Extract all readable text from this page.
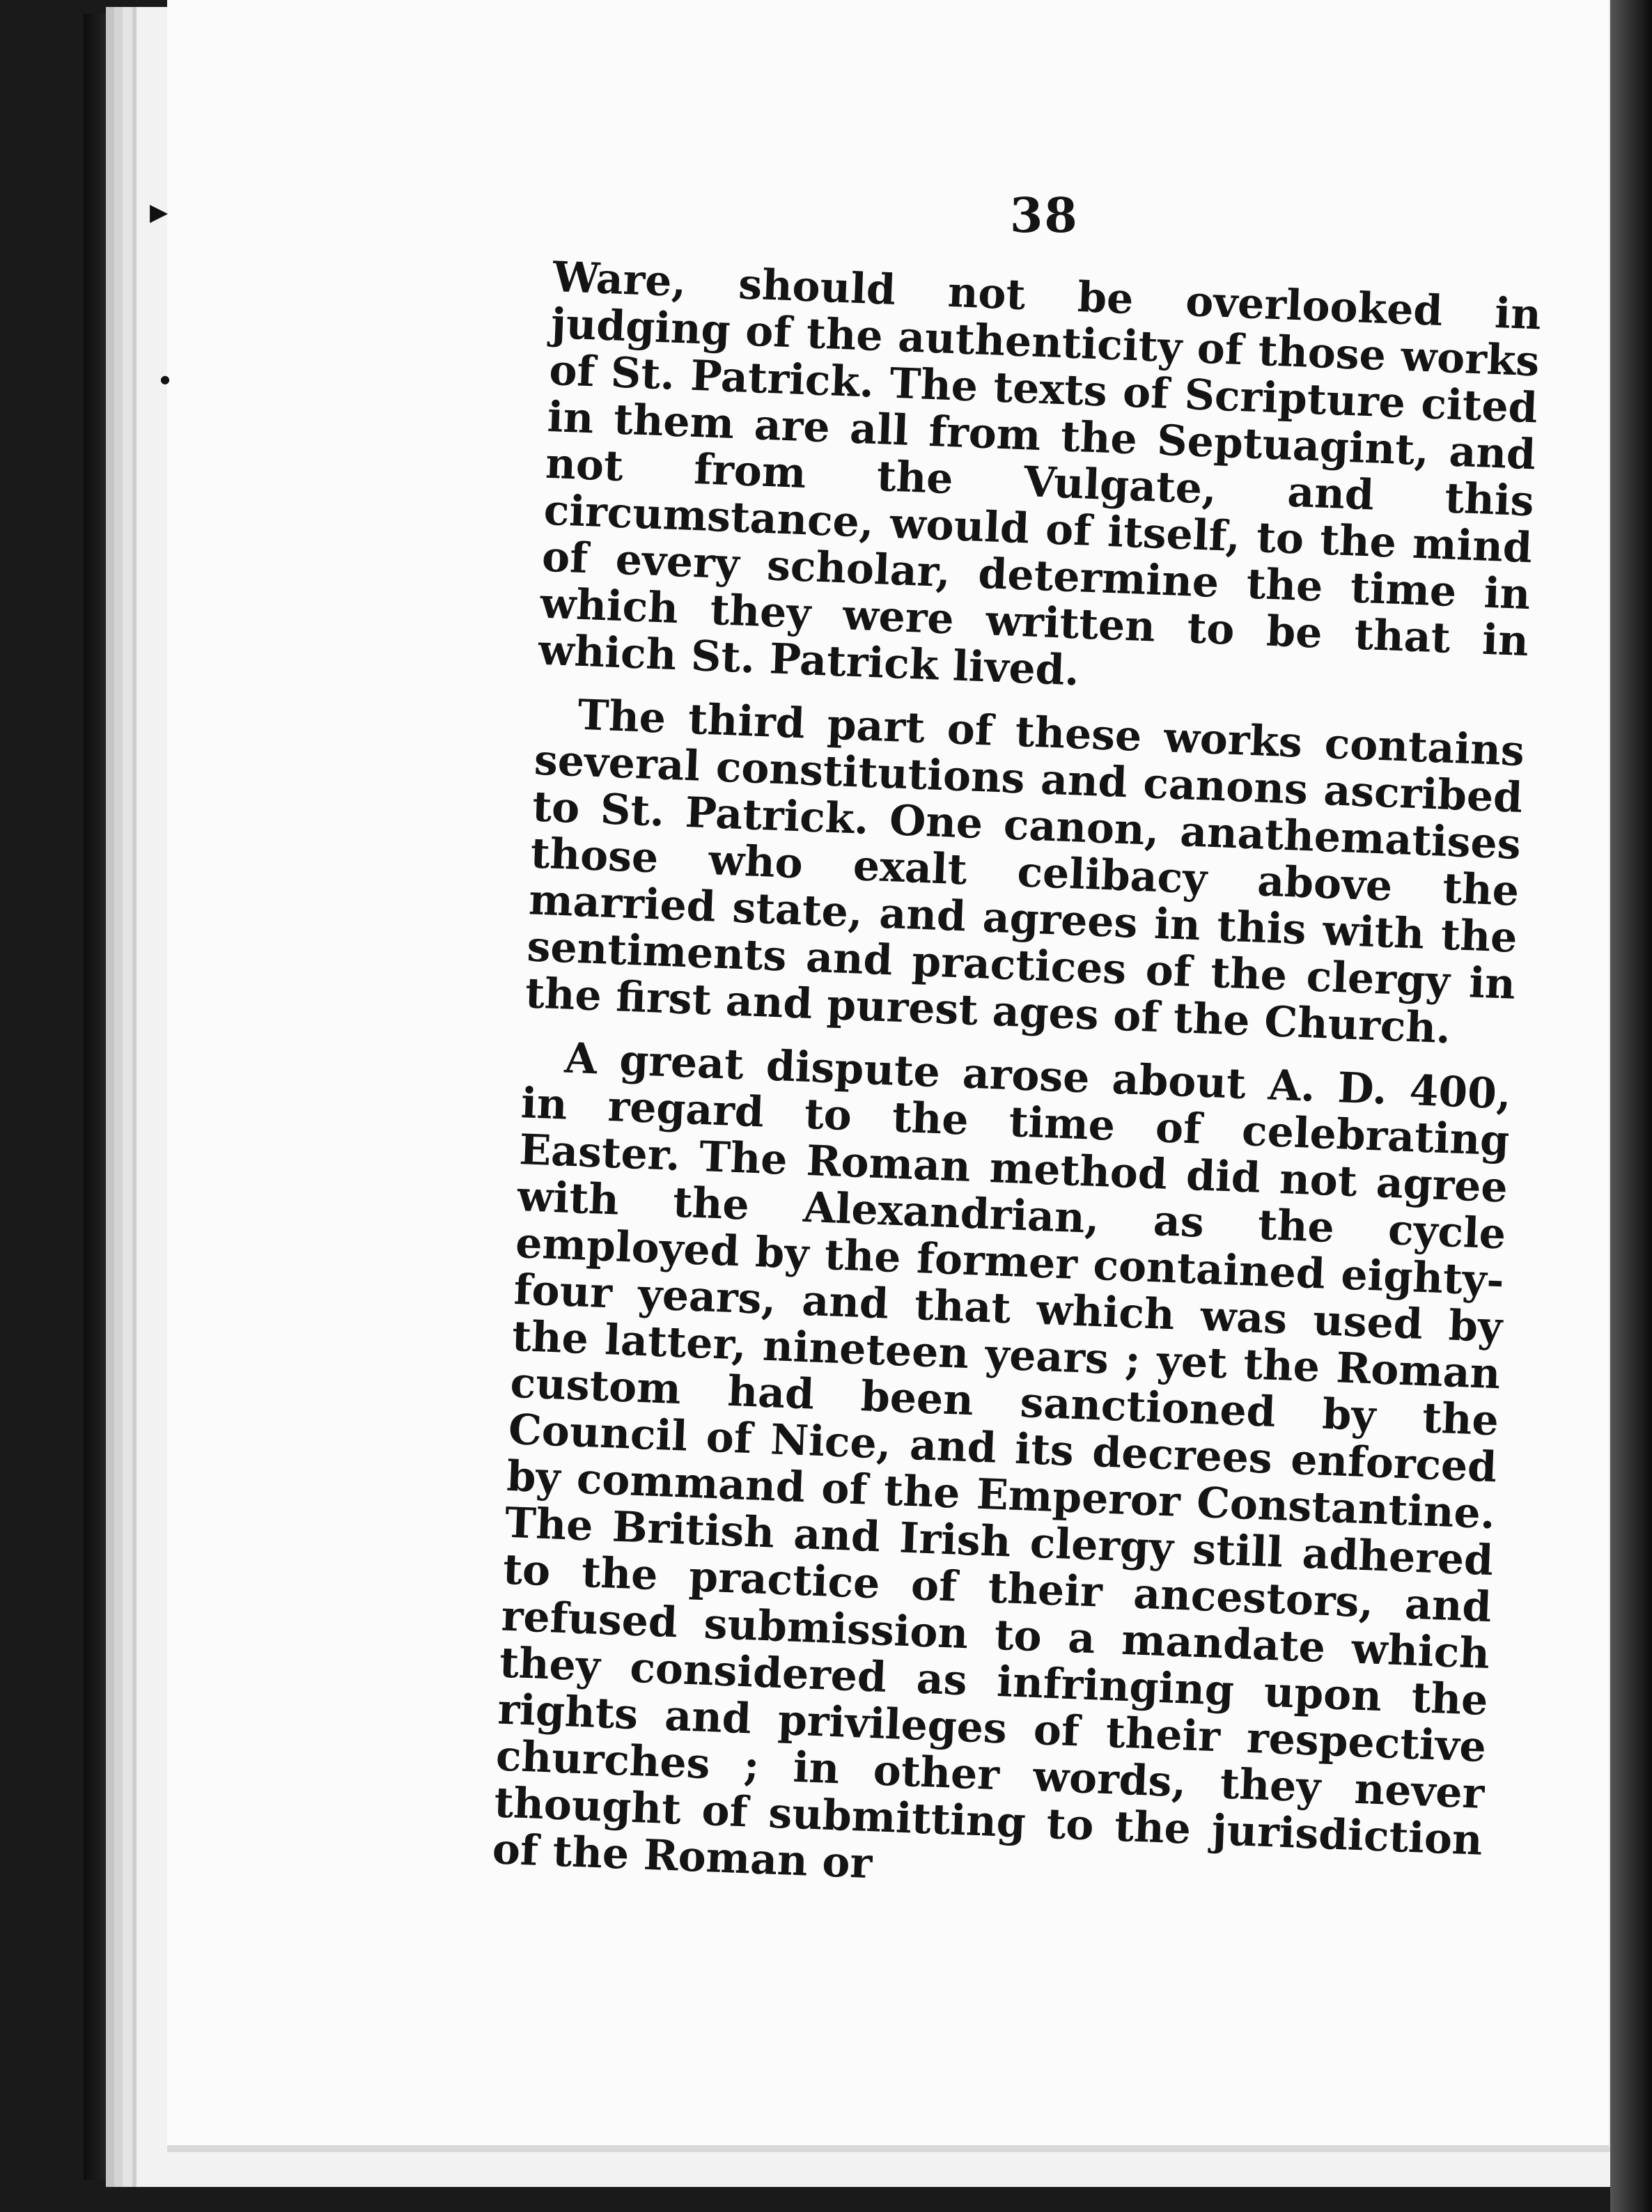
▶
●
38

Ware, should not be overlooked in judging of the authenticity of those works of St. Patrick. The texts of Scripture cited in them are all from the Septuagint, and not from the Vulgate, and this circumstance, would of itself, to the mind of every scholar, determine the time in which they were written to be that in which St. Patrick lived.

The third part of these works contains several constitutions and canons ascribed to St. Patrick. One canon, anathematises those who exalt celibacy above the married state, and agrees in this with the sentiments and practices of the clergy in the first and purest ages of the Church.

A great dispute arose about A. D. 400, in regard to the time of celebrating Easter. The Roman method did not agree with the Alexandrian, as the cycle employed by the former contained eighty-four years, and that which was used by the latter, nineteen years ; yet the Roman custom had been sanctioned by the Council of Nice, and its decrees enforced by command of the Emperor Constantine. The British and Irish clergy still adhered to the practice of their ancestors, and refused submission to a mandate which they considered as infringing upon the rights and privileges of their respective churches ; in other words, they never thought of submitting to the jurisdiction of the Roman or
